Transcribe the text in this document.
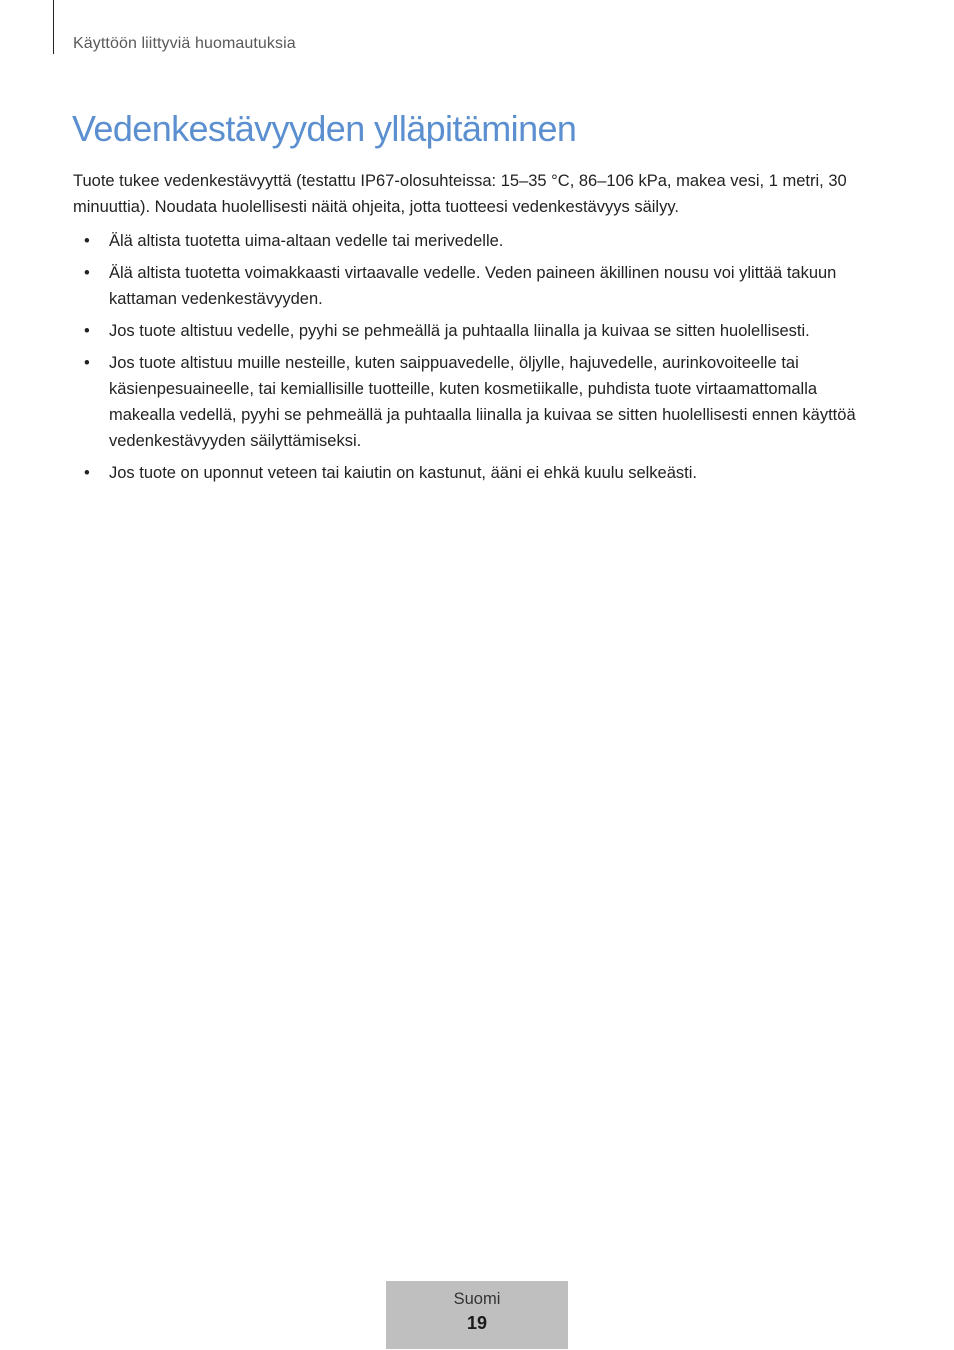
Käyttöön liittyviä huomautuksia
Vedenkestävyyden ylläpitäminen

Tuote tukee vedenkestävyyttä (testattu IP67-olosuhteissa: 15–35 °C, 86–106 kPa, makea vesi, 1 metri, 30 minuuttia). Noudata huolellisesti näitä ohjeita, jotta tuotteesi vedenkestävyys säilyy.

• Älä altista tuotetta uima-altaan vedelle tai merivedelle.
• Älä altista tuotetta voimakkaasti virtaavalle vedelle. Veden paineen äkillinen nousu voi ylittää takuun kattaman vedenkestävyyden.
• Jos tuote altistuu vedelle, pyyhi se pehmeällä ja puhtaalla liinalla ja kuivaa se sitten huolellisesti.
• Jos tuote altistuu muille nesteille, kuten saippuavedelle, öljylle, hajuvedelle, aurinkovoiteelle tai käsienpesuaineelle, tai kemiallisille tuotteille, kuten kosmetiikalle, puhdista tuote virtaamattomalla makealla vedellä, pyyhi se pehmeällä ja puhtaalla liinalla ja kuivaa se sitten huolellisesti ennen käyttöä vedenkestävyyden säilyttämiseksi.
• Jos tuote on uponnut veteen tai kaiutin on kastunut, ääni ei ehkä kuulu selkeästi.
Suomi
19
